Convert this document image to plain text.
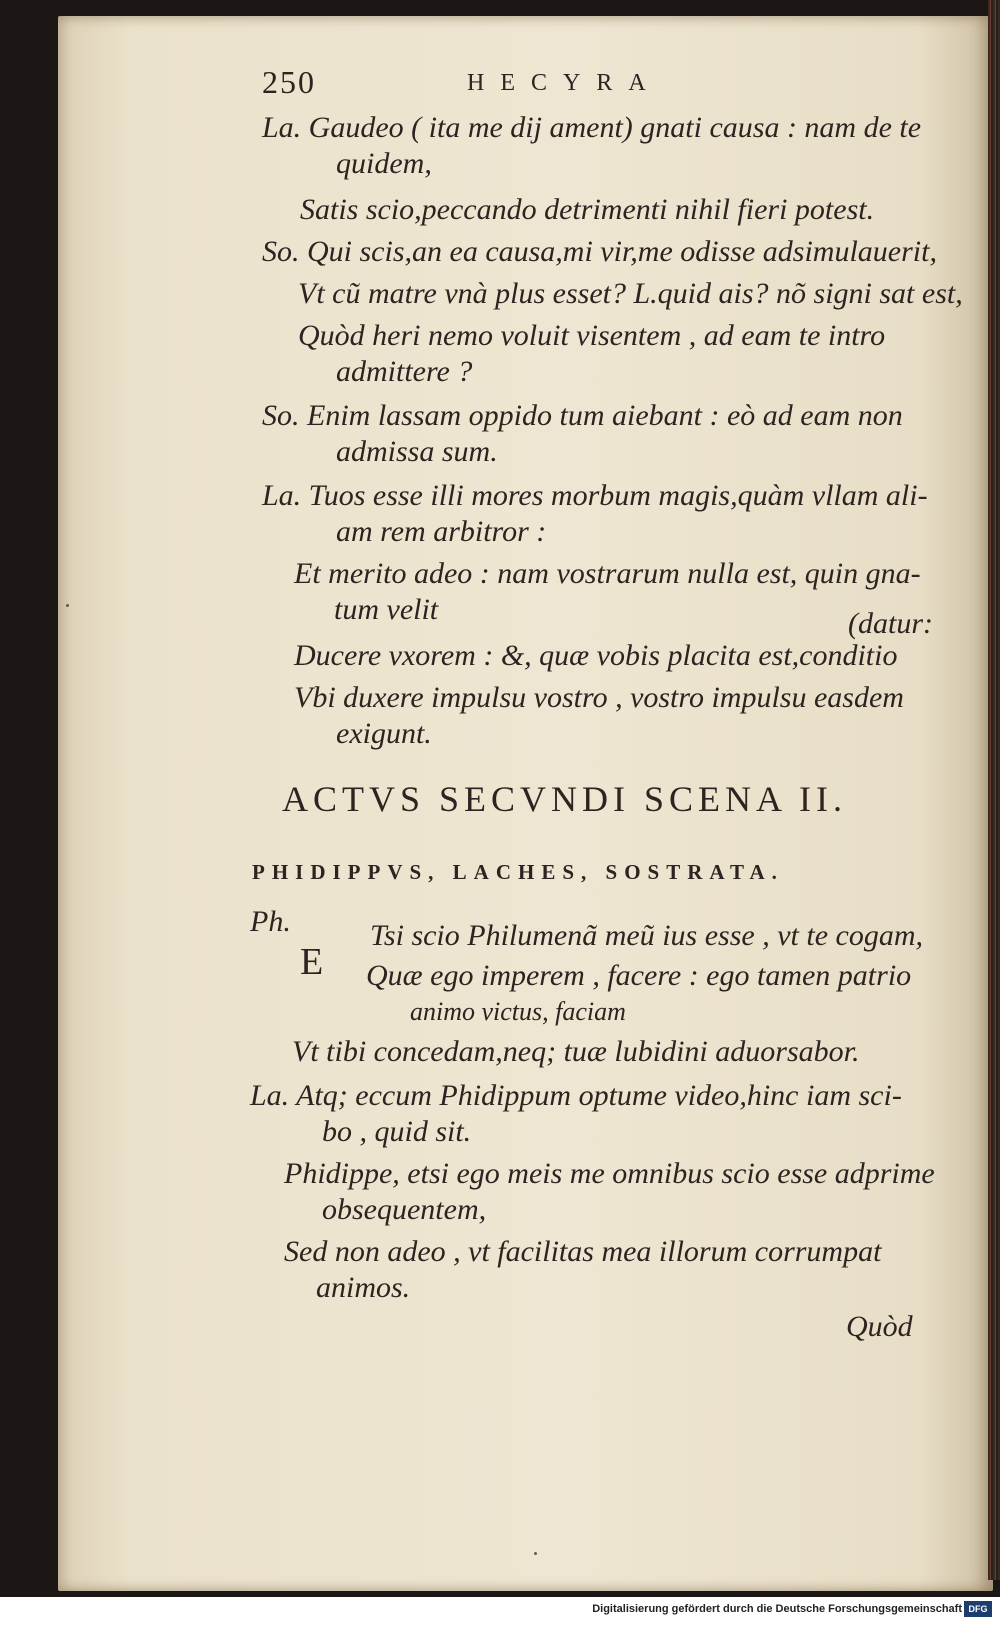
250	HECYRA
La. Gaudeo ( ita me dij ament) gnati causa : nam de te
quidem,
Satis scio,peccando detrimenti nihil fieri potest.
So. Qui scis,an ea causa,mi vir,me odisse adsimulauerit,
Vt cũ matre vnà plus esset? L.quid ais? nõ signi sat est,
Quòd heri nemo voluit visentem , ad eam te intro
admittere ?
So. Enim lassam oppido tum aiebant : eò ad eam non
admissa sum.
La. Tuos esse illi mores morbum magis,quàm vllam ali-
am rem arbitror :
Et merito adeo : nam vostrarum nulla est, quin gna-
tum velit	(datur:
Ducere vxorem : &, quæ vobis placita est,conditio
Vbi duxere impulsu vostro , vostro impulsu easdem
exigunt.
ACTVS SECVNDI SCENA II.
PHIDIPPVS, LACHES, SOSTRATA.
Ph.
E
Tsi scio Philumenã meũ ius esse , vt te cogam,
Quæ ego imperem , facere : ego tamen patrio
animo victus, faciam
Vt tibi concedam,neq; tuæ lubidini aduorsabor.
La. Atq; eccum Phidippum optume video,hinc iam sci-
bo , quid sit.
Phidippe, etsi ego meis me omnibus scio esse adprime
obsequentem,
Sed non adeo , vt facilitas mea illorum corrumpat
animos.
Quòd
Digitalisierung gefördert durch die Deutsche Forschungsgemeinschaft DFG
